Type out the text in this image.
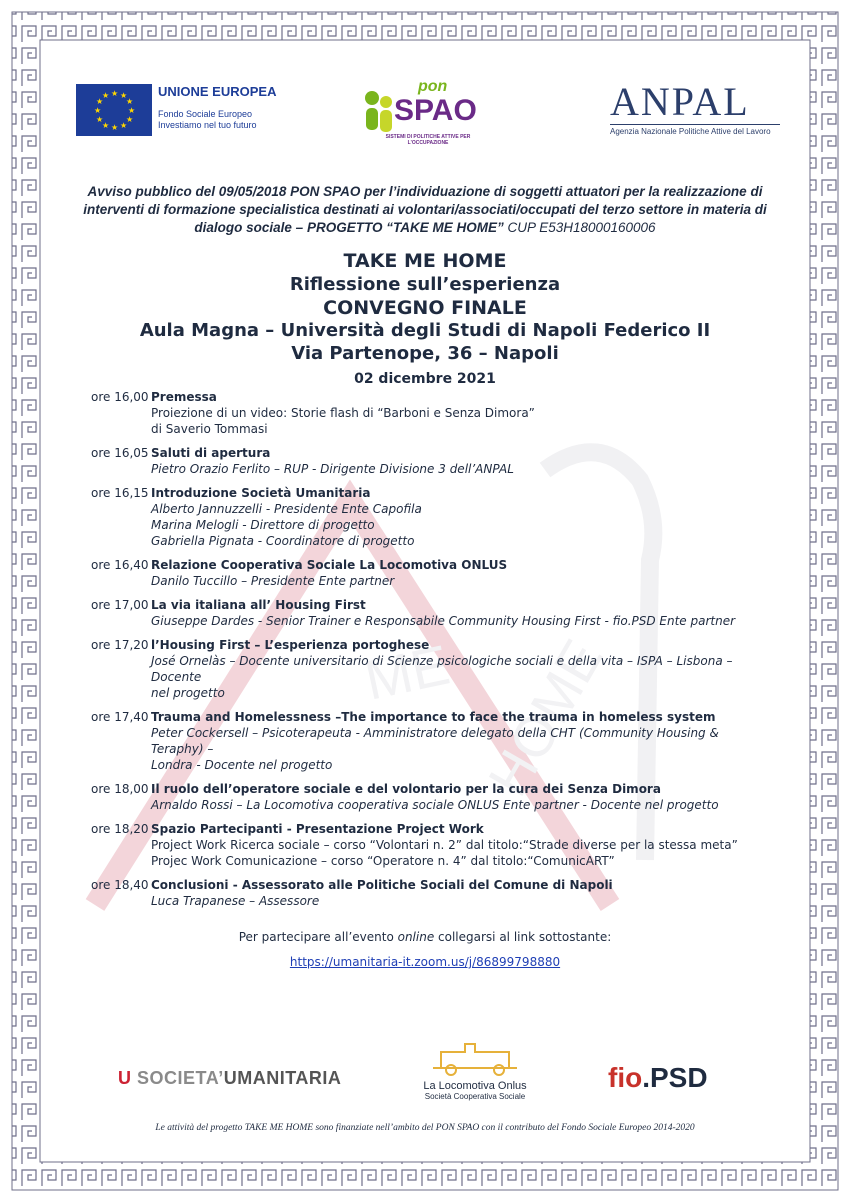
ME HOME
★ ★
★
★
★
★
★
★
★
★
★
★	UNIONE EUROPEA
Fondo Sociale Europeo
Investiamo nel tuo futuro
pon
SPAO
SISTEMI DI POLITICHE ATTIVE PER L'OCCUPAZIONE
ANPAL
Agenzia Nazionale Politiche Attive del Lavoro
Avviso pubblico del 09/05/2018 PON SPAO per l’individuazione di soggetti attuatori per la realizzazione di interventi di formazione specialistica destinati ai volontari/associati/occupati del terzo settore in materia di dialogo sociale – PROGETTO “TAKE ME HOME” CUP E53H18000160006
TAKE ME HOME
Riflessione sull’esperienza
CONVEGNO FINALE
Aula Magna – Università degli Studi di Napoli Federico II
Via Partenope, 36 – Napoli
02 dicembre 2021
ore 16,00 Premessa
Proiezione di un video: Storie flash di “Barboni e Senza Dimora”
di Saverio Tommasi
ore 16,05 Saluti di apertura
Pietro Orazio Ferlito – RUP - Dirigente Divisione 3 dell’ANPAL
ore 16,15 Introduzione Società Umanitaria
Alberto Jannuzzelli - Presidente Ente Capofila
Marina Melogli - Direttore di progetto
Gabriella Pignata - Coordinatore di progetto
ore 16,40 Relazione Cooperativa Sociale La Locomotiva ONLUS
Danilo Tuccillo – Presidente Ente partner
ore 17,00 La via italiana all’ Housing First
Giuseppe Dardes - Senior Trainer e Responsabile Community Housing First - fio.PSD Ente partner
ore 17,20 l’Housing First – L’esperienza portoghese
José Ornelàs – Docente universitario di Scienze psicologiche sociali e della vita – ISPA – Lisbona – Docente
nel progetto
ore 17,40 Trauma and Homelessness –The importance to face the trauma in homeless system
Peter Cockersell – Psicoterapeuta - Amministratore delegato della CHT (Community Housing & Teraphy) –
Londra - Docente nel progetto
ore 18,00 Il ruolo dell’operatore sociale e del volontario per la cura dei Senza Dimora
Arnaldo Rossi – La Locomotiva cooperativa sociale ONLUS Ente partner - Docente nel progetto
ore 18,20 Spazio Partecipanti - Presentazione Project Work
Project Work Ricerca sociale – corso “Volontari n. 2” dal titolo:“Strade diverse per la stessa meta”
Projec Work Comunicazione – corso “Operatore n. 4” dal titolo:“ComunicART”
ore 18,40 Conclusioni - Assessorato alle Politiche Sociali del Comune di Napoli
Luca Trapanese – Assessore
Per partecipare all’evento online collegarsi al link sottostante:
https://umanitaria-it.zoom.us/j/86899798880
U SOCIETA’UMANITARIA	La Locomotiva Onlus
Società Cooperativa Sociale
fio.PSD
Le attività del progetto TAKE ME HOME sono finanziate nell’ambito del PON SPAO con il contributo del Fondo Sociale Europeo 2014-2020
